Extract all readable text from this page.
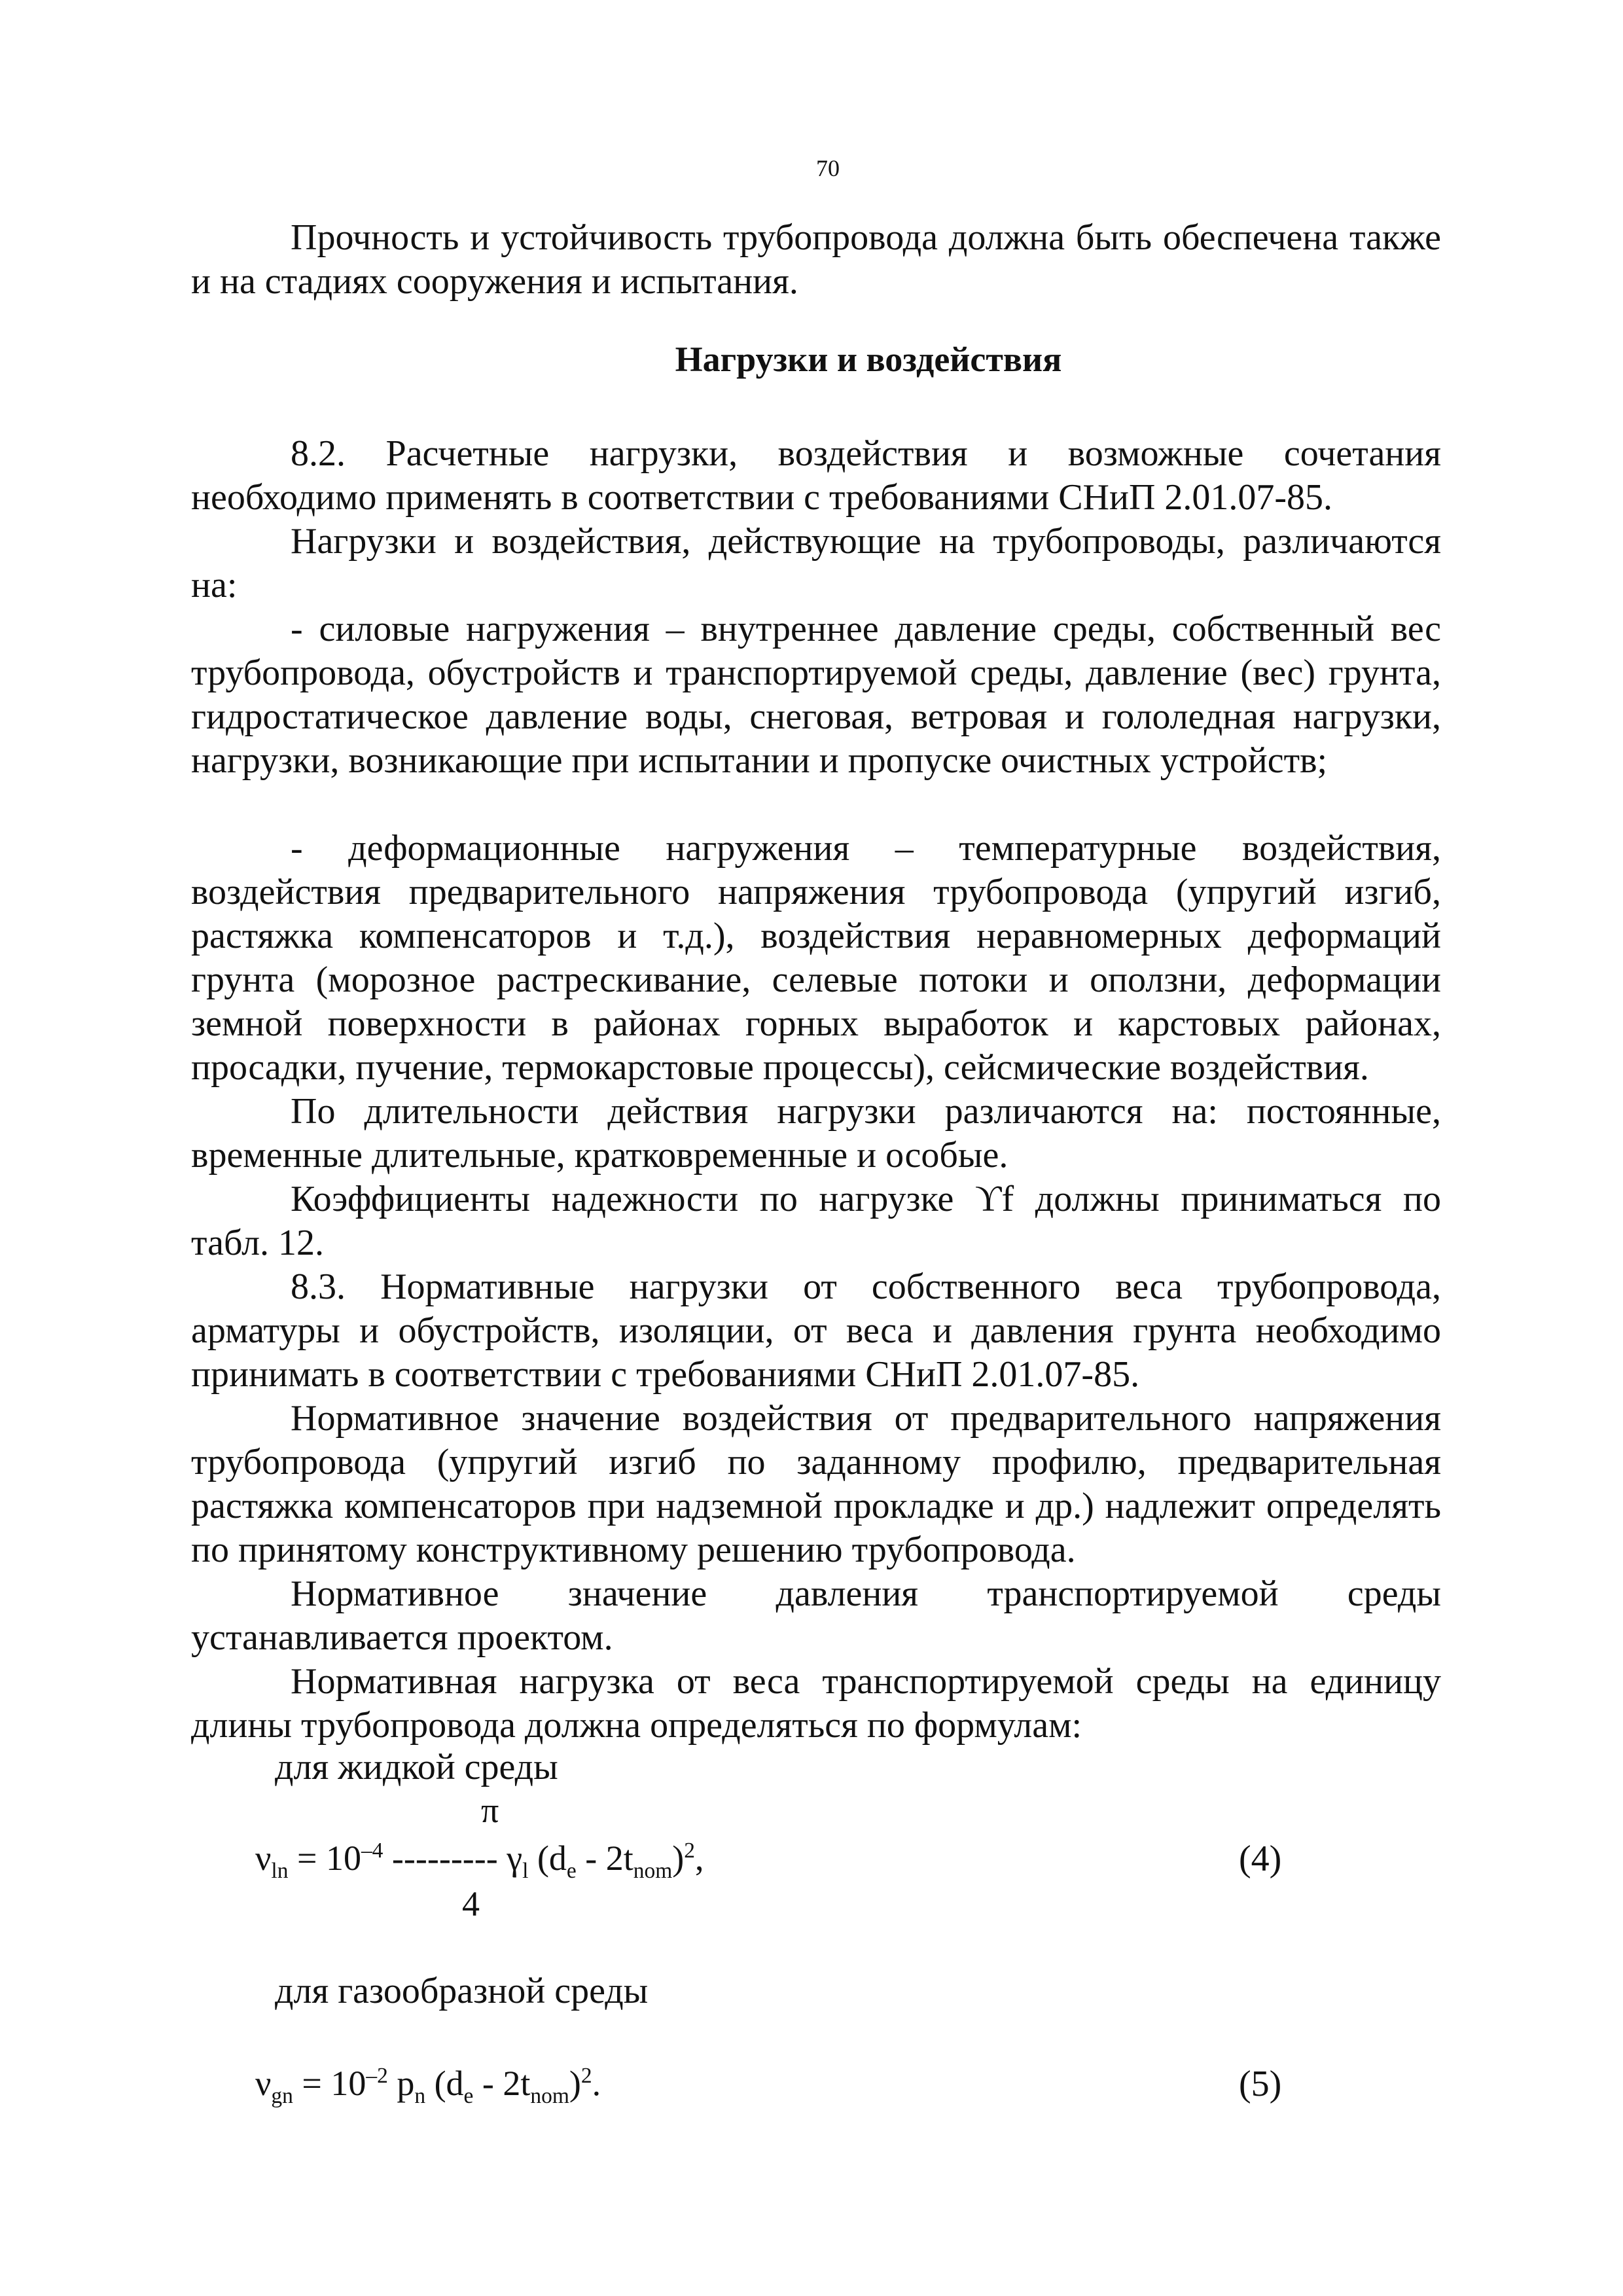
70

Прочность и устойчивость трубопровода должна быть обеспечена также и на стадиях сооружения и испытания.

Нагрузки и воздействия

8.2. Расчетные нагрузки, воздействия и возможные сочетания необходимо применять в соответствии с требованиями СНиП 2.01.07-85.

Нагрузки и воздействия, действующие на трубопроводы, различаются на:

- силовые нагружения – внутреннее давление среды, собственный вес трубопровода, обустройств и транспортируемой среды, давление (вес) грунта, гидростатическое давление воды, снеговая, ветровая и гололедная нагрузки, нагрузки, возникающие при испытании и пропуске очистных устройств;

- деформационные нагружения – температурные воздействия, воздействия предварительного напряжения трубопровода (упругий изгиб, растяжка компенсаторов и т.д.), воздействия неравномерных деформаций грунта (морозное растрескивание, селевые потоки и оползни, деформации земной поверхности в районах горных выработок и карстовых районах, просадки, пучение, термокарстовые процессы), сейсмические воздействия.

По длительности действия нагрузки различаются на: постоянные, временные длительные, кратковременные и особые.

Коэффициенты надежности по нагрузке ϒf должны приниматься по табл. 12.

8.3. Нормативные нагрузки от собственного веса трубопровода, арматуры и обустройств, изоляции, от веса и давления грунта необходимо принимать в соответствии с требованиями СНиП 2.01.07-85.

Нормативное значение воздействия от предварительного напряжения трубопровода (упругий изгиб по заданному профилю, предварительная растяжка компенсаторов при надземной прокладке и др.) надлежит определять по принятому конструктивному решению трубопровода.

Нормативное значение давления транспортируемой среды устанавливается проектом.

Нормативная нагрузка от веса транспортируемой среды на единицу длины трубопровода должна определяться по формулам:

для жидкой среды
π
$\nu_{ln} = 10^{-4}$ --------- $\gamma_l$ $(d_e - 2t_{nom})^2$,
4
(4)
для газообразной среды
$\nu_{gn} = 10^{-2}$ $p_n$ $(d_e - 2t_{nom})^2$.	(5)
